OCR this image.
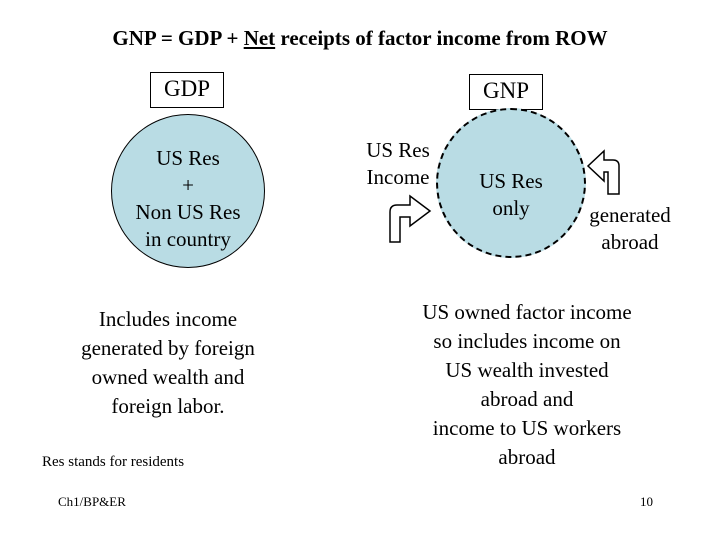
GNP = GDP + Net receipts of factor income from ROW
GDP
US Res
+
Non US Res
in country
Includes income
generated by foreign
owned wealth and
foreign labor.
Res stands for residents
GNP
US Res
Income	US Res
only	generated
abroad
US owned factor income
so includes income on
US wealth invested
abroad and
income to US workers
abroad
Ch1/BP&ER	10
